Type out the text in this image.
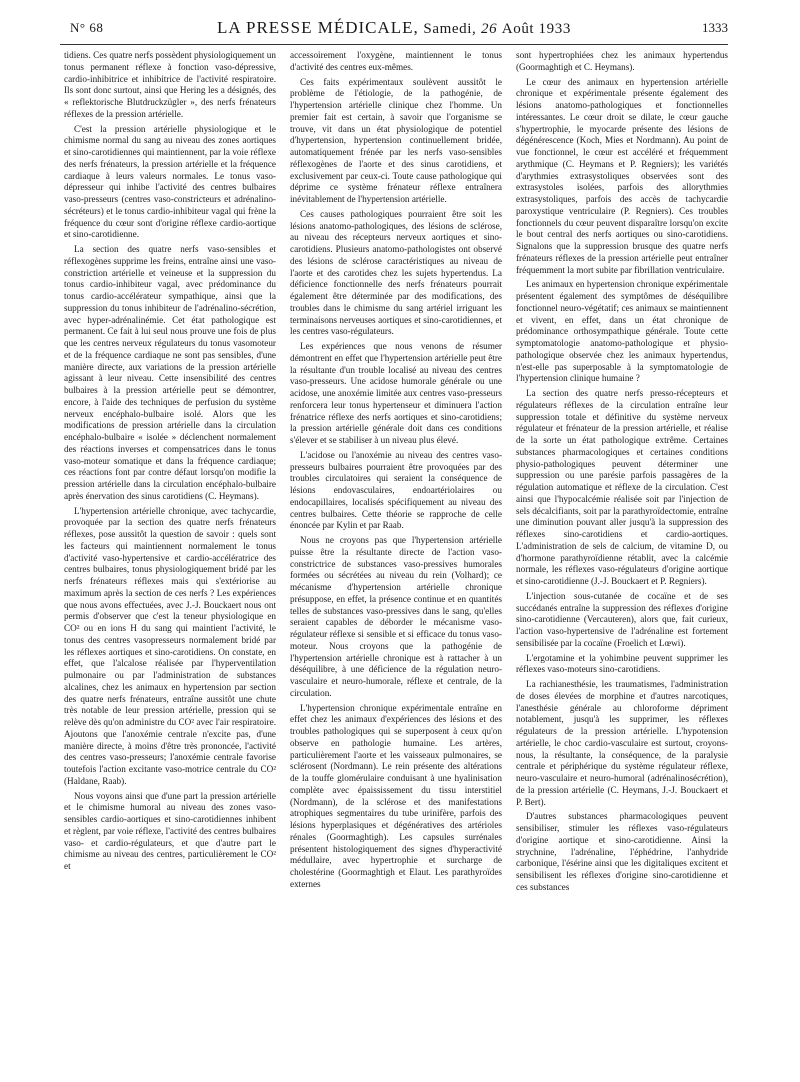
N° 68	LA PRESSE MÉDICALE, Samedi, 26 Août 1933	1333

tidiens. Ces quatre nerfs possèdent physiologiquement un tonus permanent réflexe à fonction vaso-dépressive, cardio-inhibitrice et inhibitrice de l'activité respiratoire. Ils sont donc surtout, ainsi que Hering les a désignés, des « reflektorische Blutdruckzügler », des nerfs frénateurs réflexes de la pression artérielle.

C'est la pression artérielle physiologique et le chimisme normal du sang au niveau des zones aortiques et sino-carotidiennes qui maintiennent, par la voie réflexe des nerfs frénateurs, la pression artérielle et la fréquence cardiaque à leurs valeurs normales. Le tonus vaso-dépresseur qui inhibe l'activité des centres bulbaires vaso-presseurs (centres vaso-constricteurs et adrénalino-sécréteurs) et le tonus cardio-inhibiteur vagal qui frène la fréquence du cœur sont d'origine réflexe cardio-aortique et sino-carotidienne.

La section des quatre nerfs vaso-sensibles et réflexogènes supprime les freins, entraîne ainsi une vaso-constriction artérielle et veineuse et la suppression du tonus cardio-inhibiteur vagal, avec prédominance du tonus cardio-accélérateur sympathique, ainsi que la suppression du tonus inhibiteur de l'adrénalino-sécrétion, avec hyper-adrénalinémie. Cet état pathologique est permanent. Ce fait à lui seul nous prouve une fois de plus que les centres nerveux régulateurs du tonus vasomoteur et de la fréquence cardiaque ne sont pas sensibles, d'une manière directe, aux variations de la pression artérielle agissant à leur niveau. Cette insensibilité des centres bulbaires à la pression artérielle peut se démontrer, encore, à l'aide des techniques de perfusion du système nerveux encéphalo-bulbaire isolé. Alors que les modifications de pression artérielle dans la circulation encéphalo-bulbaire « isolée » déclenchent normalement des réactions inverses et compensatrices dans le tonus vaso-moteur somatique et dans la fréquence cardiaque; ces réactions font par contre défaut lorsqu'on modifie la pression artérielle dans la circulation encéphalo-bulbaire après énervation des sinus carotidiens (C. Heymans).

L'hypertension artérielle chronique, avec tachycardie, provoquée par la section des quatre nerfs frénateurs réflexes, pose aussitôt la question de savoir : quels sont les facteurs qui maintiennent normalement le tonus d'activité vaso-hypertensive et cardio-accélératrice des centres bulbaires, tonus physiologiquement bridé par les nerfs frénateurs réflexes mais qui s'extériorise au maximum après la section de ces nerfs ? Les expériences que nous avons effectuées, avec J.-J. Bouckaert nous ont permis d'observer que c'est la teneur physiologique en CO² ou en ions H du sang qui maintient l'activité, le tonus des centres vasopresseurs normalement bridé par les réflexes aortiques et sino-carotidiens. On constate, en effet, que l'alcalose réalisée par l'hyperventilation pulmonaire ou par l'administration de substances alcalines, chez les animaux en hypertension par section des quatre nerfs frénateurs, entraîne aussitôt une chute très notable de leur pression artérielle, pression qui se relève dès qu'on administre du CO² avec l'air respiratoire. Ajoutons que l'anoxémie centrale n'excite pas, d'une manière directe, à moins d'être très prononcée, l'activité des centres vaso-presseurs; l'anoxémie centrale favorise toutefois l'action excitante vaso-motrice centrale du CO² (Haldane, Raab).

Nous voyons ainsi que d'une part la pression artérielle et le chimisme humoral au niveau des zones vaso-sensibles cardio-aortiques et sino-carotidiennes inhibent et règlent, par voie réflexe, l'activité des centres bulbaires vaso- et cardio-régulateurs, et que d'autre part le chimisme au niveau des centres, particulièrement le CO² et

accessoirement l'oxygène, maintiennent le tonus d'activité des centres eux-mêmes.

Ces faits expérimentaux soulèvent aussitôt le problème de l'étiologie, de la pathogénie, de l'hypertension artérielle clinique chez l'homme. Un premier fait est certain, à savoir que l'organisme se trouve, vit dans un état physiologique de potentiel d'hypertension, hypertension continuellement bridée, automatiquement frénée par les nerfs vaso-sensibles réflexogènes de l'aorte et des sinus carotidiens, et exclusivement par ceux-ci. Toute cause pathologique qui déprime ce système frénateur réflexe entraînera inévitablement de l'hypertension artérielle.

Ces causes pathologiques pourraient être soit les lésions anatomo-pathologiques, des lésions de sclérose, au niveau des récepteurs nerveux aortiques et sino-carotidiens. Plusieurs anatomo-pathologistes ont observé des lésions de sclérose caractéristiques au niveau de l'aorte et des carotides chez les sujets hypertendus. La déficience fonctionnelle des nerfs frénateurs pourrait également être déterminée par des modifications, des troubles dans le chimisme du sang artériel irriguant les terminaisons nerveuses aortiques et sino-carotidiennes, et les centres vaso-régulateurs.

Les expériences que nous venons de résumer démontrent en effet que l'hypertension artérielle peut être la résultante d'un trouble localisé au niveau des centres vaso-presseurs. Une acidose humorale générale ou une acidose, une anoxémie limitée aux centres vaso-presseurs renforcera leur tonus hypertenseur et diminuera l'action frénatrice réflexe des nerfs aortiques et sino-carotidiens; la pression artérielle générale doit dans ces conditions s'élever et se stabiliser à un niveau plus élevé.

L'acidose ou l'anoxémie au niveau des centres vaso-presseurs bulbaires pourraient être provoquées par des troubles circulatoires qui seraient la conséquence de lésions endovasculaires, endoartériolaires ou endocapillaires, localisés spécifiquement au niveau des centres bulbaires. Cette théorie se rapproche de celle énoncée par Kylin et par Raab.

Nous ne croyons pas que l'hypertension artérielle puisse être la résultante directe de l'action vaso-constrictrice de substances vaso-pressives humorales formées ou sécrétées au niveau du rein (Volhard); ce mécanisme d'hypertension artérielle chronique présuppose, en effet, la présence continue et en quantités telles de substances vaso-pressives dans le sang, qu'elles seraient capables de déborder le mécanisme vaso-régulateur réflexe si sensible et si efficace du tonus vaso-moteur. Nous croyons que la pathogénie de l'hypertension artérielle chronique est à rattacher à un déséquilibre, à une déficience de la régulation neuro-vasculaire et neuro-humorale, réflexe et centrale, de la circulation.

L'hypertension chronique expérimentale entraîne en effet chez les animaux d'expériences des lésions et des troubles pathologiques qui se superposent à ceux qu'on observe en pathologie humaine. Les artères, particulièrement l'aorte et les vaisseaux pulmonaires, se sclérosent (Nordmann). Le rein présente des altérations de la touffe glomérulaire conduisant à une hyalinisation complète avec épaississement du tissu interstitiel (Nordmann), de la sclérose et des manifestations atrophiques segmentaires du tube urinifère, parfois des lésions hyperplasiques et dégénératives des artérioles rénales (Goormaghtigh). Les capsules surrénales présentent histologiquement des signes d'hyperactivité médullaire, avec hypertrophie et surcharge de cholestérine (Goormaghtigh et Elaut. Les parathyroïdes externes

sont hypertrophiées chez les animaux hypertendus (Goormaghtigh et C. Heymans).

Le cœur des animaux en hypertension artérielle chronique et expérimentale présente également des lésions anatomo-pathologiques et fonctionnelles intéressantes. Le cœur droit se dilate, le cœur gauche s'hypertrophie, le myocarde présente des lésions de dégénérescence (Koch, Mies et Nordmann). Au point de vue fonctionnel, le cœur est accéléré et fréquemment arythmique (C. Heymans et P. Regniers); les variétés d'arythmies extrasystoliques observées sont des extrasystoles isolées, parfois des allorythmies extrasystoliques, parfois des accès de tachycardie paroxystique ventriculaire (P. Regniers). Ces troubles fonctionnels du cœur peuvent disparaître lorsqu'on excite le bout central des nerfs aortiques ou sino-carotidiens. Signalons que la suppression brusque des quatre nerfs frénateurs réflexes de la pression artérielle peut entraîner fréquemment la mort subite par fibrillation ventriculaire.

Les animaux en hypertension chronique expérimentale présentent également des symptômes de déséquilibre fonctionnel neuro-végétatif; ces animaux se maintiennent et vivent, en effet, dans un état chronique de prédominance orthosympathique générale. Toute cette symptomatologie anatomo-pathologique et physio-pathologique observée chez les animaux hypertendus, n'est-elle pas superposable à la symptomatologie de l'hypertension clinique humaine ?

La section des quatre nerfs presso-récepteurs et régulateurs réflexes de la circulation entraîne leur suppression totale et définitive du système nerveux régulateur et frénateur de la pression artérielle, et réalise de la sorte un état pathologique extrême. Certaines substances pharmacologiques et certaines conditions physio-pathologiques peuvent déterminer une suppression ou une parésie parfois passagères de la régulation automatique et réflexe de la circulation. C'est ainsi que l'hypocalcémie réalisée soit par l'injection de sels décalcifiants, soit par la parathyroïdectomie, entraîne une diminution pouvant aller jusqu'à la suppression des réflexes sino-carotidiens et cardio-aortiques. L'administration de sels de calcium, de vitamine D, ou d'hormone parathyroïdienne rétablit, avec la calcémie normale, les réflexes vaso-régulateurs d'origine aortique et sino-carotidienne (J.-J. Bouckaert et P. Regniers).

L'injection sous-cutanée de cocaïne et de ses succédanés entraîne la suppression des réflexes d'origine sino-carotidienne (Vercauteren), alors que, fait curieux, l'action vaso-hypertensive de l'adrénaline est fortement sensibilisée par la cocaïne (Froelich et Lœwi).

L'ergotamine et la yohimbine peuvent supprimer les réflexes vaso-moteurs sino-carotidiens.

La rachianesthésie, les traumatismes, l'administration de doses élevées de morphine et d'autres narcotiques, l'anesthésie générale au chloroforme dépriment notablement, jusqu'à les supprimer, les réflexes régulateurs de la pression artérielle. L'hypotension artérielle, le choc cardio-vasculaire est surtout, croyons-nous, la résultante, la conséquence, de la paralysie centrale et périphérique du système régulateur réflexe, neuro-vasculaire et neuro-humoral (adrénalinosécrétion), de la pression artérielle (C. Heymans, J.-J. Bouckaert et P. Bert).

D'autres substances pharmacologiques peuvent sensibiliser, stimuler les réflexes vaso-régulateurs d'origine aortique et sino-carotidienne. Ainsi la strychnine, l'adrénaline, l'éphédrine, l'anhydride carbonique, l'ésérine ainsi que les digitaliques excitent et sensibilisent les réflexes d'origine sino-carotidienne et ces substances
